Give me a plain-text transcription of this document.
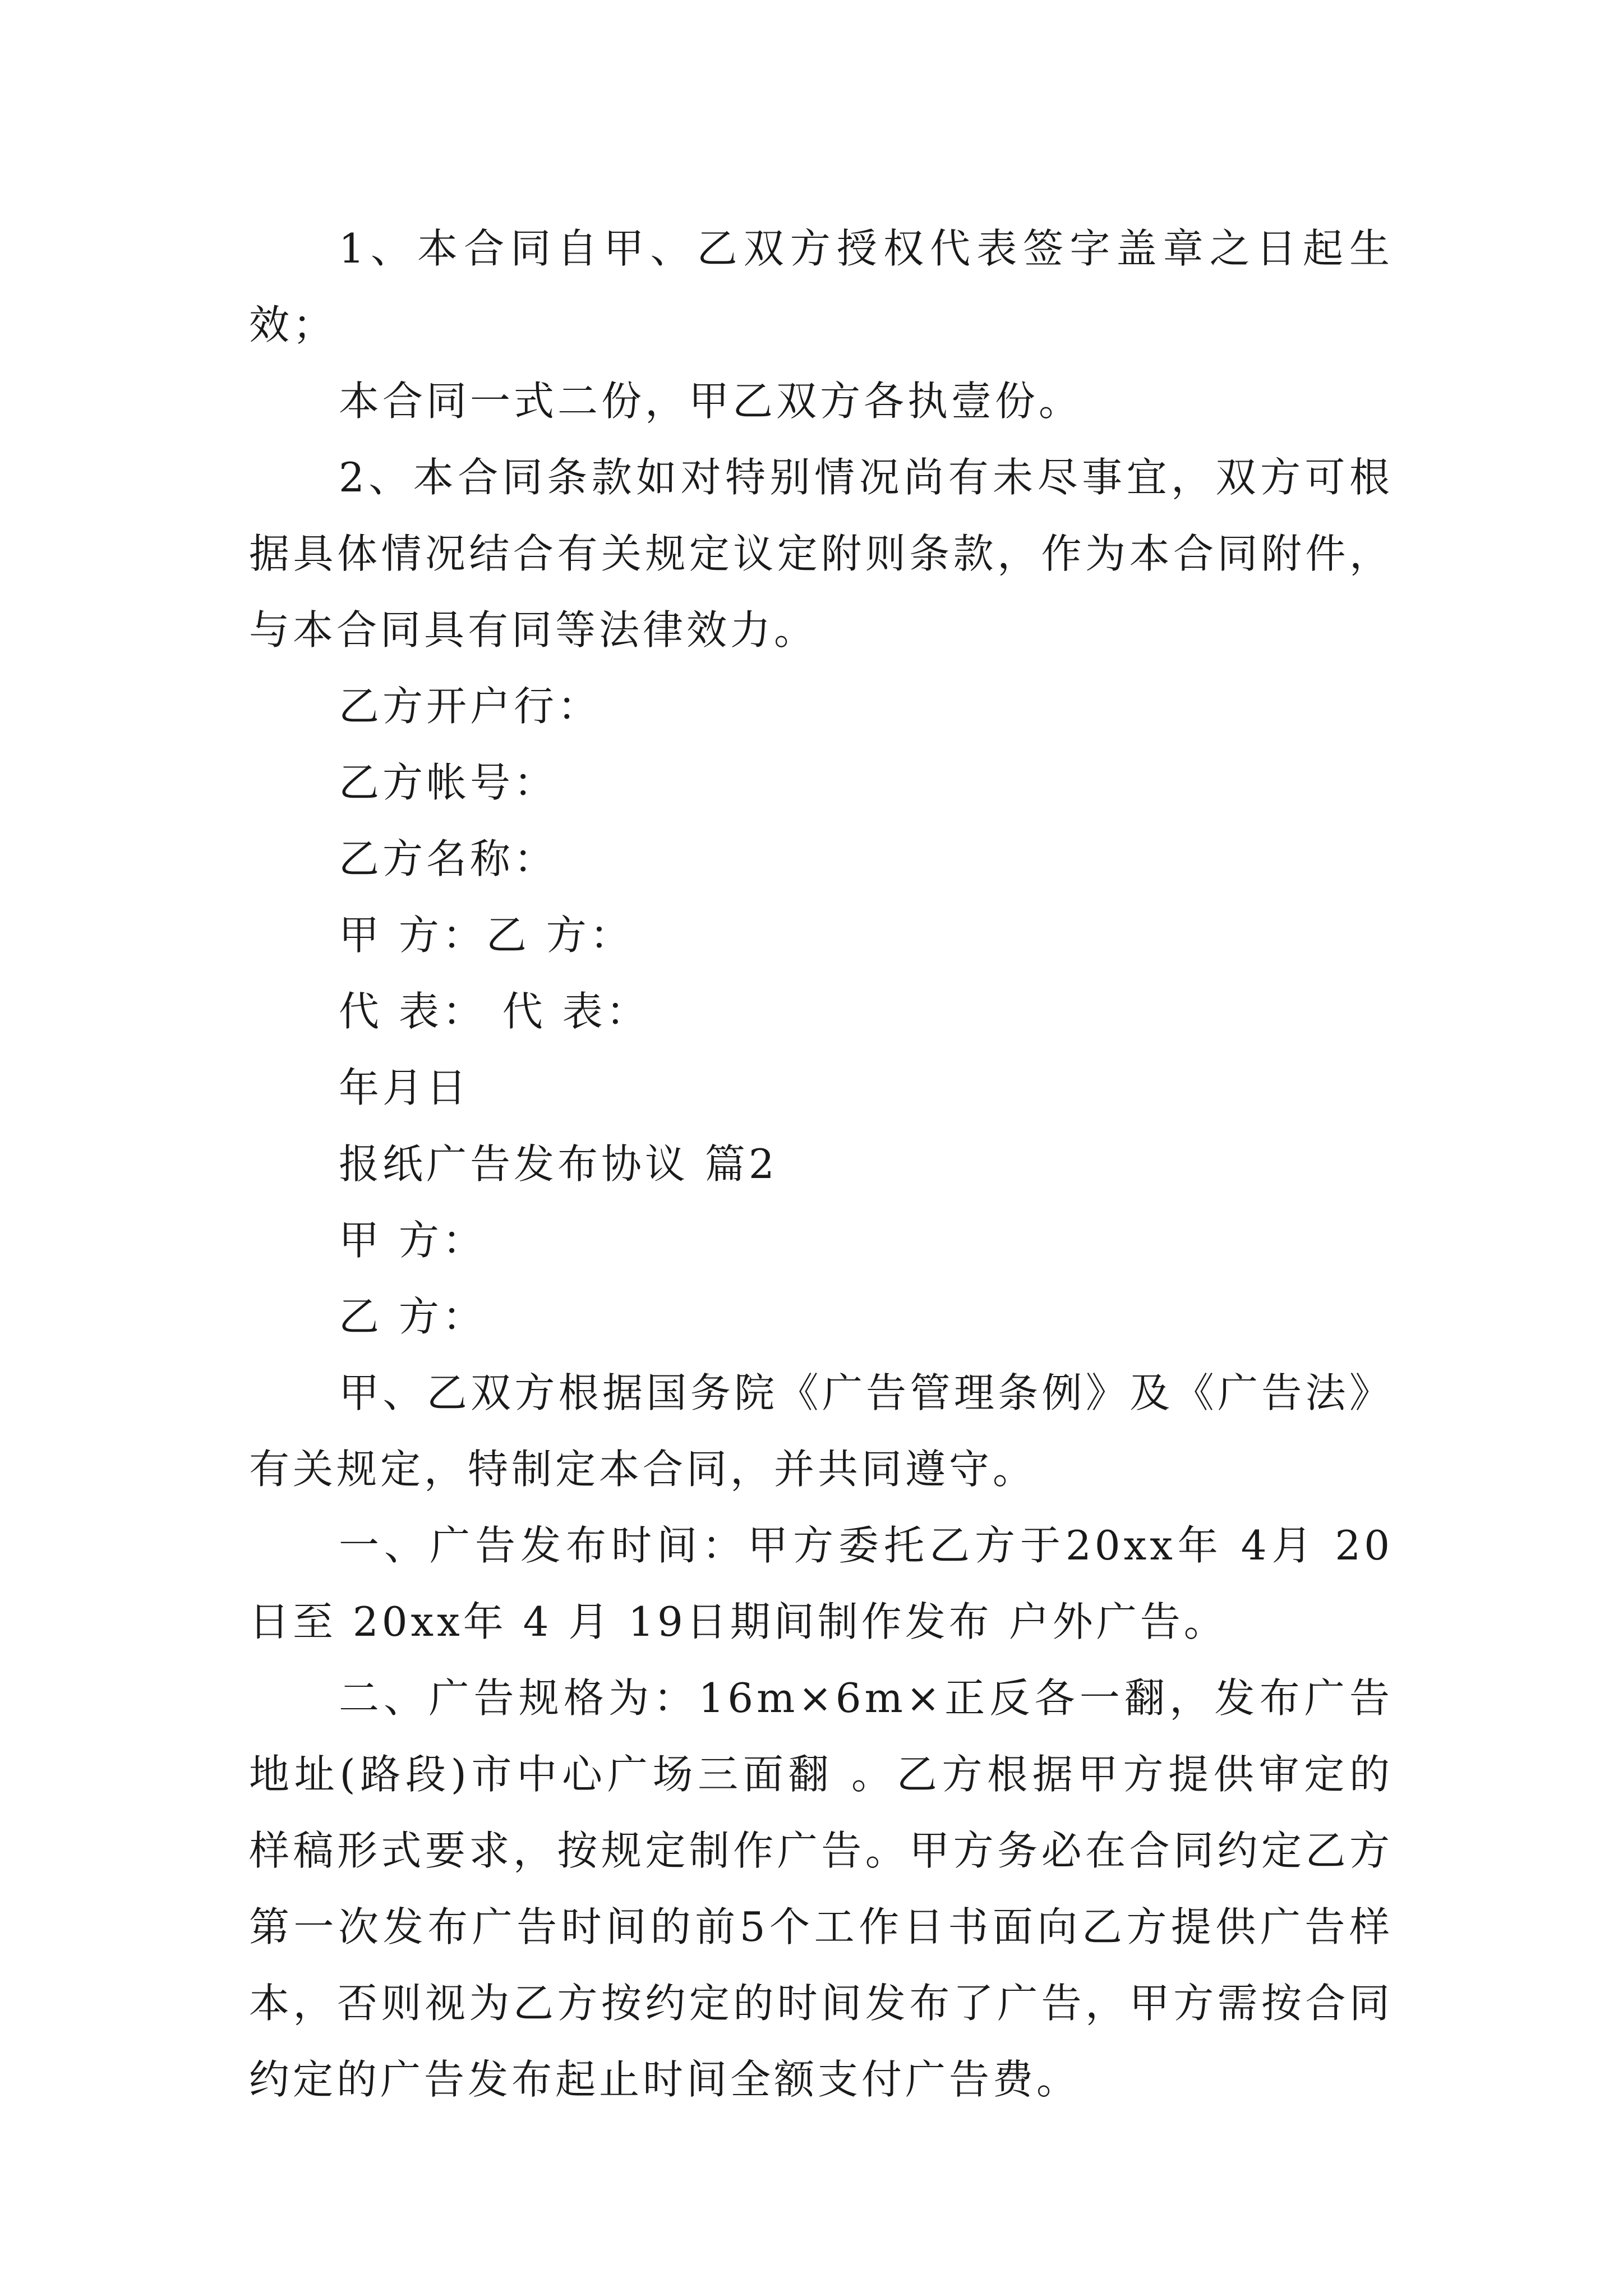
1、本合同自甲、乙双方授权代表签字盖章之日起生效；

本合同一式二份，甲乙双方各执壹份。

2、本合同条款如对特别情况尚有未尽事宜，双方可根据具体情况结合有关规定议定附则条款，作为本合同附件，与本合同具有同等法律效力。

乙方开户行：

乙方帐号：

乙方名称：

甲 方：乙 方：

代 表： 代 表：

年月日

报纸广告发布协议 篇2

甲 方：

乙 方：

甲、乙双方根据国务院《广告管理条例》及《广告法》有关规定，特制定本合同，并共同遵守。

一、广告发布时间：甲方委托乙方于20xx年 4月 20日至 20xx年 4 月 19日期间制作发布 户外广告。

二、广告规格为：16m×6m×正反各一翻，发布广告地址(路段)市中心广场三面翻 。乙方根据甲方提供审定的样稿形式要求，按规定制作广告。甲方务必在合同约定乙方第一次发布广告时间的前5个工作日书面向乙方提供广告样本，否则视为乙方按约定的时间发布了广告，甲方需按合同约定的广告发布起止时间全额支付广告费。
